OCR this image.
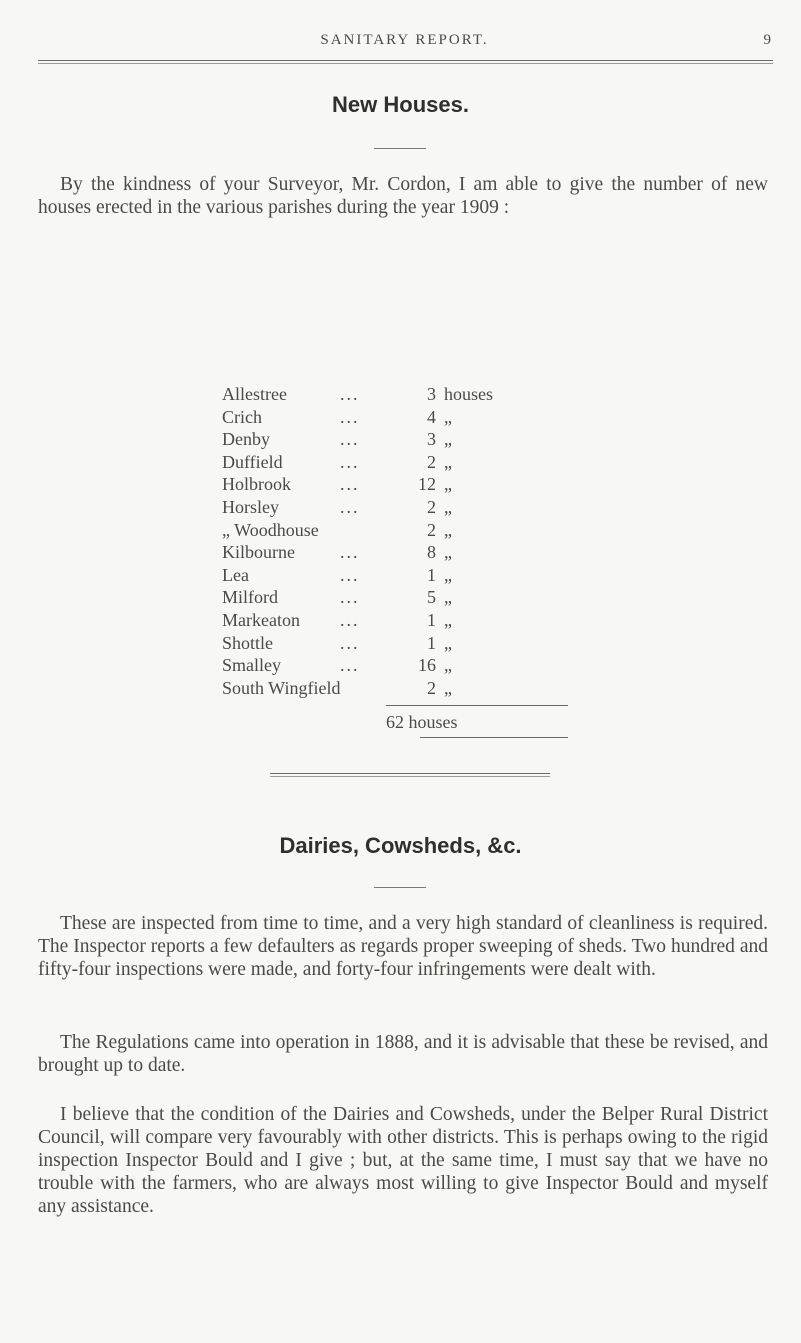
SANITARY REPORT.	9
New Houses.

By the kindness of your Surveyor, Mr. Cordon, I am able to give the number of new houses erected in the various parishes during the year 1909 :

Allestree	...	3 houses
Crich	...	4 „
Denby	...	3 „
Duffield	...	2 „
Holbrook	...	12 „
Horsley	...	2 „
„ Woodhouse	2 „
Kilbourne	...	8 „
Lea	...	1 „
Milford	...	5 „
Markeaton ...	1 „
Shottle	...	1 „
Smalley	...	16 „
South Wingfield	2 „
62 houses
Dairies, Cowsheds, &c.

These are inspected from time to time, and a very high standard of cleanliness is required. The Inspector reports a few defaulters as regards proper sweeping of sheds. Two hundred and fifty-four inspections were made, and forty-four infringements were dealt with.

The Regulations came into operation in 1888, and it is advisable that these be revised, and brought up to date.

I believe that the condition of the Dairies and Cowsheds, under the Belper Rural District Council, will compare very favourably with other districts. This is perhaps owing to the rigid inspection Inspector Bould and I give ; but, at the same time, I must say that we have no trouble with the farmers, who are always most willing to give Inspector Bould and myself any assistance.
